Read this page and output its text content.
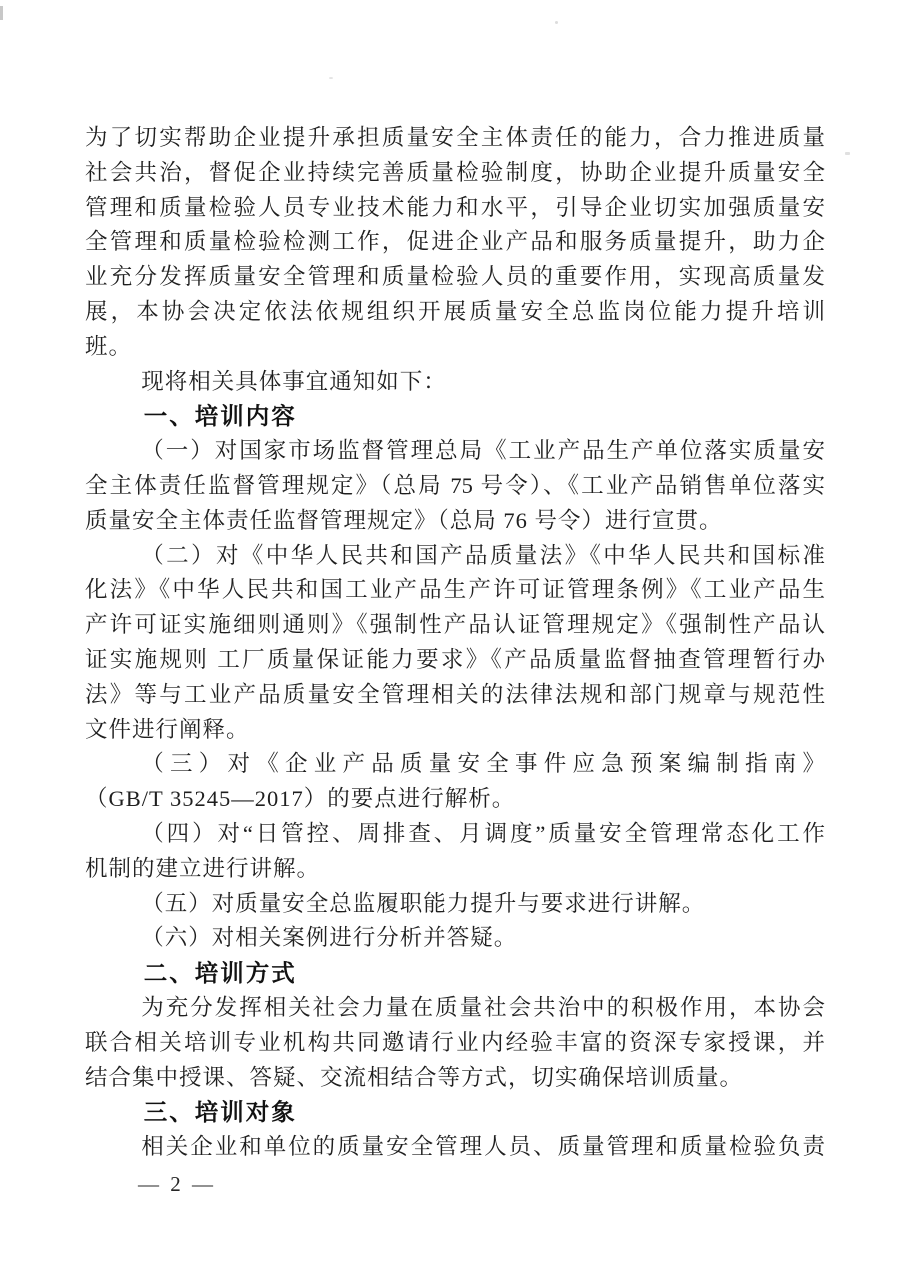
为了切实帮助企业提升承担质量安全主体责任的能力，合力推进质量
社会共治，督促企业持续完善质量检验制度，协助企业提升质量安全
管理和质量检验人员专业技术能力和水平，引导企业切实加强质量安
全管理和质量检验检测工作，促进企业产品和服务质量提升，助力企
业充分发挥质量安全管理和质量检验人员的重要作用，实现高质量发
展，本协会决定依法依规组织开展质量安全总监岗位能力提升培训
班。
现将相关具体事宜通知如下：
一、培训内容
（一）对国家市场监督管理总局《工业产品生产单位落实质量安
全主体责任监督管理规定》（总局 75 号令）、《工业产品销售单位落实
质量安全主体责任监督管理规定》（总局 76 号令）进行宣贯。
（二）对《中华人民共和国产品质量法》《中华人民共和国标准
化法》《中华人民共和国工业产品生产许可证管理条例》《工业产品生
产许可证实施细则通则》《强制性产品认证管理规定》《强制性产品认
证实施规则 工厂质量保证能力要求》《产品质量监督抽查管理暂行办
法》等与工业产品质量安全管理相关的法律法规和部门规章与规范性
文件进行阐释。
（三）对《企业产品质量安全事件应急预案编制指南》
（GB/T 35245—2017）的要点进行解析。
（四）对“日管控、周排查、月调度”质量安全管理常态化工作
机制的建立进行讲解。
（五）对质量安全总监履职能力提升与要求进行讲解。
（六）对相关案例进行分析并答疑。
二、培训方式
为充分发挥相关社会力量在质量社会共治中的积极作用，本协会
联合相关培训专业机构共同邀请行业内经验丰富的资深专家授课，并
结合集中授课、答疑、交流相结合等方式，切实确保培训质量。
三、培训对象
相关企业和单位的质量安全管理人员、质量管理和质量检验负责
— 2 —
